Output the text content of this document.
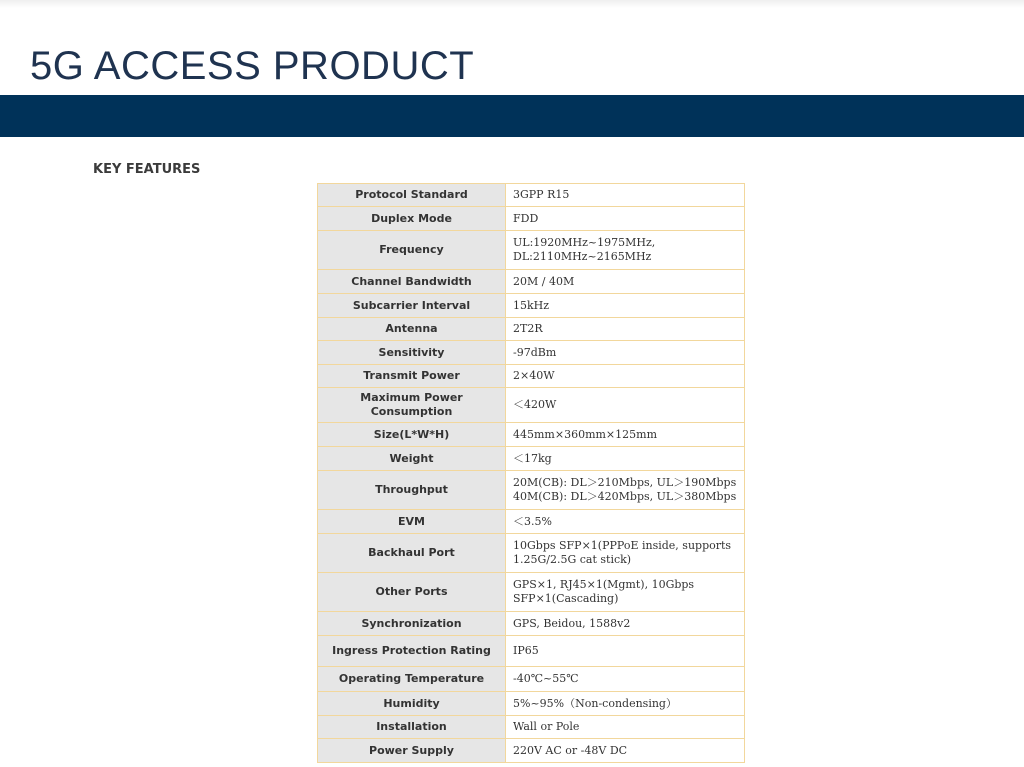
5G ACCESS PRODUCT
KEY FEATURES
Protocol Standard	3GPP R15
Duplex Mode	FDD
Frequency	UL:1920MHz~1975MHz,
DL:2110MHz~2165MHz
Channel Bandwidth	20M / 40M
Subcarrier Interval	15kHz
Antenna	2T2R
Sensitivity	-97dBm
Transmit Power	2×40W
Maximum Power
Consumption	＜420W
Size(L*W*H)	445mm×360mm×125mm
Weight	＜17kg
Throughput	20M(CB): DL＞210Mbps, UL＞190Mbps
40M(CB): DL＞420Mbps, UL＞380Mbps
EVM	＜3.5%
Backhaul Port	10Gbps SFP×1(PPPoE inside, supports
1.25G/2.5G cat stick)
Other Ports	GPS×1, RJ45×1(Mgmt), 10Gbps
SFP×1(Cascading)
Synchronization	GPS, Beidou, 1588v2
Ingress Protection Rating	IP65
Operating Temperature	-40℃~55℃
Humidity	5%~95%（Non-condensing）
Installation	Wall or Pole
Power Supply	220V AC or -48V DC
